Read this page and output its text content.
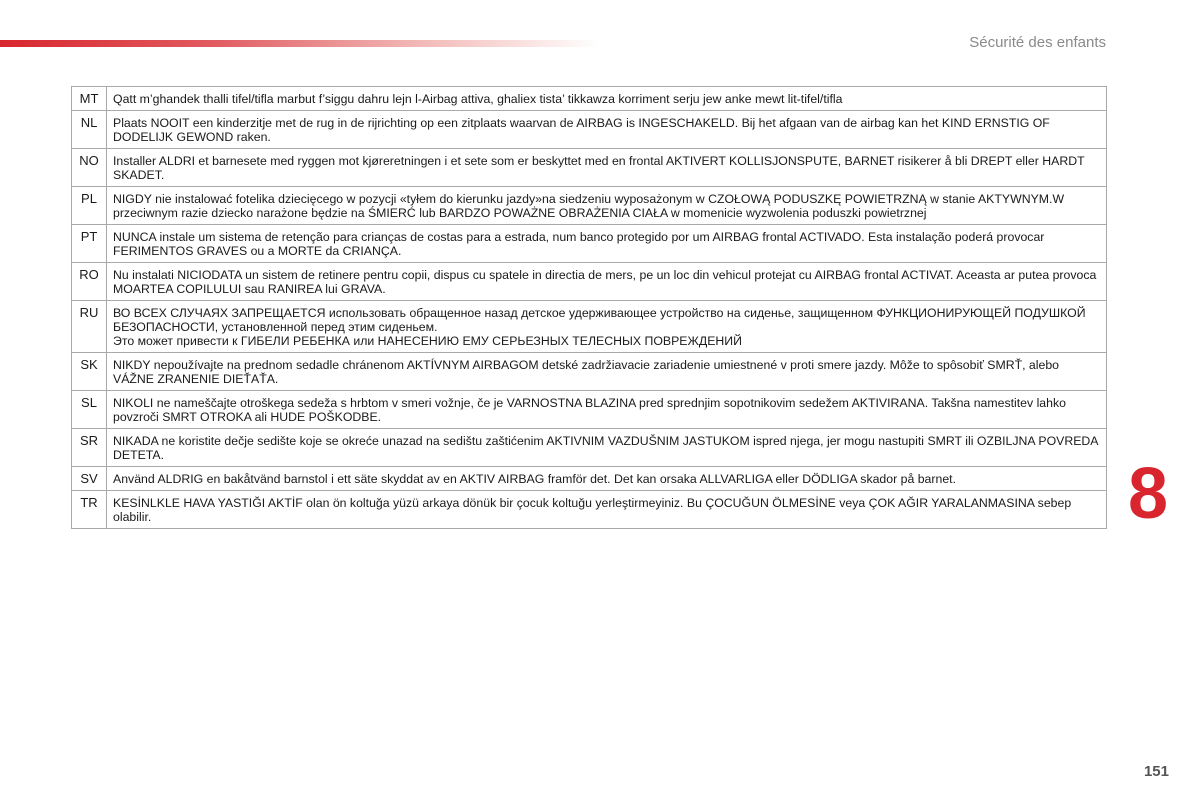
Sécurité des enfants
MT	Qatt m’ghandek thalli tifel/tifla marbut f’siggu dahru lejn l-Airbag attiva, ghaliex tista’ tikkawza korriment serju jew anke mewt lit-tifel/tifla
NL	Plaats NOOIT een kinderzitje met de rug in de rijrichting op een zitplaats waarvan de AIRBAG is INGESCHAKELD. Bij het afgaan van de airbag kan het KIND ERNSTIG OF DODELIJK GEWOND raken.
NO	Installer ALDRI et barnesete med ryggen mot kjøreretningen i et sete som er beskyttet med en frontal AKTIVERT KOLLISJONSPUTE, BARNET risikerer å bli DREPT eller HARDT SKADET.
PL	NIGDY nie instalować fotelika dziecięcego w pozycji «tyłem do kierunku jazdy»na siedzeniu wyposażonym w CZOŁOWĄ PODUSZKĘ POWIETRZNĄ w stanie AKTYWNYM.W przeciwnym razie dziecko narażone będzie na ŚMIERĆ lub BARDZO POWAŻNE OBRAŻENIA CIAŁA w momenicie wyzwolenia poduszki powietrznej
PT	NUNCA instale um sistema de retenção para crianças de costas para a estrada, num banco protegido por um AIRBAG frontal ACTIVADO. Esta instalação poderá provocar FERIMENTOS GRAVES ou a MORTE da CRIANÇA.
RO	Nu instalati NICIODATA un sistem de retinere pentru copii, dispus cu spatele in directia de mers, pe un loc din vehicul protejat cu AIRBAG frontal ACTIVAT. Aceasta ar putea provoca MOARTEA COPILULUI sau RANIREA lui GRAVA.
RU	ВО ВСЕХ СЛУЧАЯХ ЗАПРЕЩАЕТСЯ использовать обращенное назад детское удерживающее устройство на сиденье, защищенном ФУНКЦИОНИРУЮЩЕЙ ПОДУШКОЙ БЕЗОПАСНОСТИ, установленной перед этим сиденьем.
Это может привести к ГИБЕЛИ РЕБЕНКА или НАНЕСЕНИЮ ЕМУ СЕРЬЕЗНЫХ ТЕЛЕСНЫХ ПОВРЕЖДЕНИЙ

SK	NIKDY nepoužívajte na prednom sedadle chránenom AKTÍVNYM AIRBAGOM detské zadržiavacie zariadenie umiestnené v proti smere jazdy. Môže to spôsobiť SMRŤ, alebo VÁŽNE ZRANENIE DIEŤAŤA.
SL	NIKOLI ne nameščajte otroškega sedeža s hrbtom v smeri vožnje, če je VARNOSTNA BLAZINA pred sprednjim sopotnikovim sedežem AKTIVIRANA. Takšna namestitev lahko povzroči SMRT OTROKA ali HUDE POŠKODBE.
SR	NIKADA ne koristite dečje sedište koje se okreće unazad na sedištu zaštićenim AKTIVNIM VAZDUŠNIM JASTUKOM ispred njega, jer mogu nastupiti SMRT ili OZBILJNA POVREDA DETETA.
SV	Använd ALDRIG en bakåtvänd barnstol i ett säte skyddat av en AKTIV AIRBAG framför det. Det kan orsaka ALLVARLIGA eller DÖDLIGA skador på barnet.
TR	KESİNLKLE HAVA YASTIĞI AKTİF olan ön koltuğa yüzü arkaya dönük bir çocuk koltuğu yerleştirmeyiniz. Bu ÇOCUĞUN ÖLMESİNE veya ÇOK AĞIR YARALANMASINA sebep olabilir.	8
151
